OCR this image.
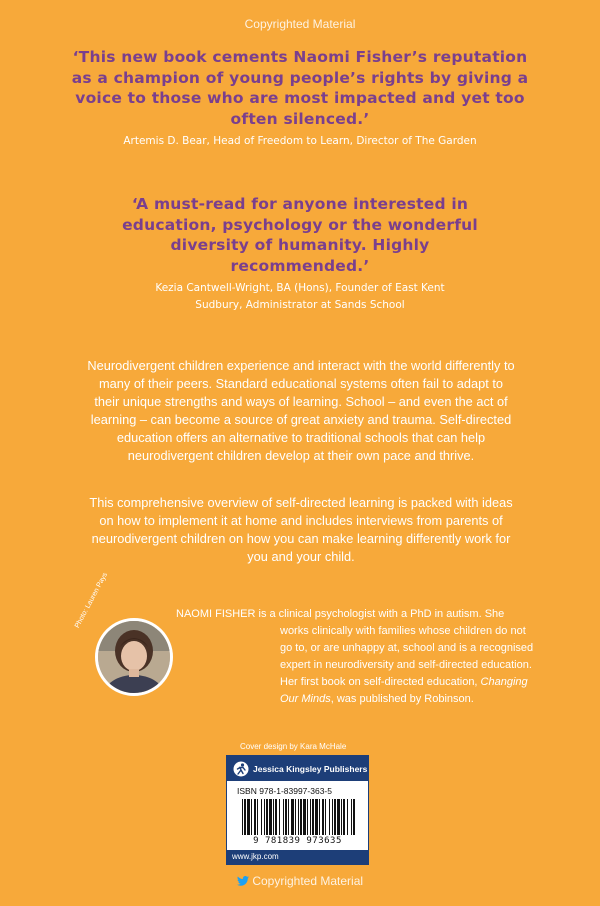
Copyrighted Material
‘This new book cements Naomi Fisher’s reputation as a champion of young people’s rights by giving a voice to those who are most impacted and yet too often silenced.’
Artemis D. Bear, Head of Freedom to Learn, Director of The Garden
‘A must-read for anyone interested in education, psychology or the wonderful diversity of humanity. Highly recommended.’
Kezia Cantwell-Wright, BA (Hons), Founder of East Kent Sudbury, Administrator at Sands School
Neurodivergent children experience and interact with the world differently to many of their peers. Standard educational systems often fail to adapt to their unique strengths and ways of learning. School – and even the act of learning – can become a source of great anxiety and trauma. Self-directed education offers an alternative to traditional schools that can help neurodivergent children develop at their own pace and thrive.
This comprehensive overview of self-directed learning is packed with ideas on how to implement it at home and includes interviews from parents of neurodivergent children on how you can make learning differently work for you and your child.
Photo: Lauren Pays	NAOMI FISHER is a clinical psychologist with a PhD in autism. She works clinically with families whose children do not go to, or are unhappy at, school and is a recognised expert in neurodiversity and self-directed education. Her first book on self-directed education, Changing Our Minds, was published by Robinson.

Cover design by Kara McHale
Jessica Kingsley Publishers
ISBN 978-1-83997-363-5
9 781839 973635
www.jkp.com
Copyrighted Material
